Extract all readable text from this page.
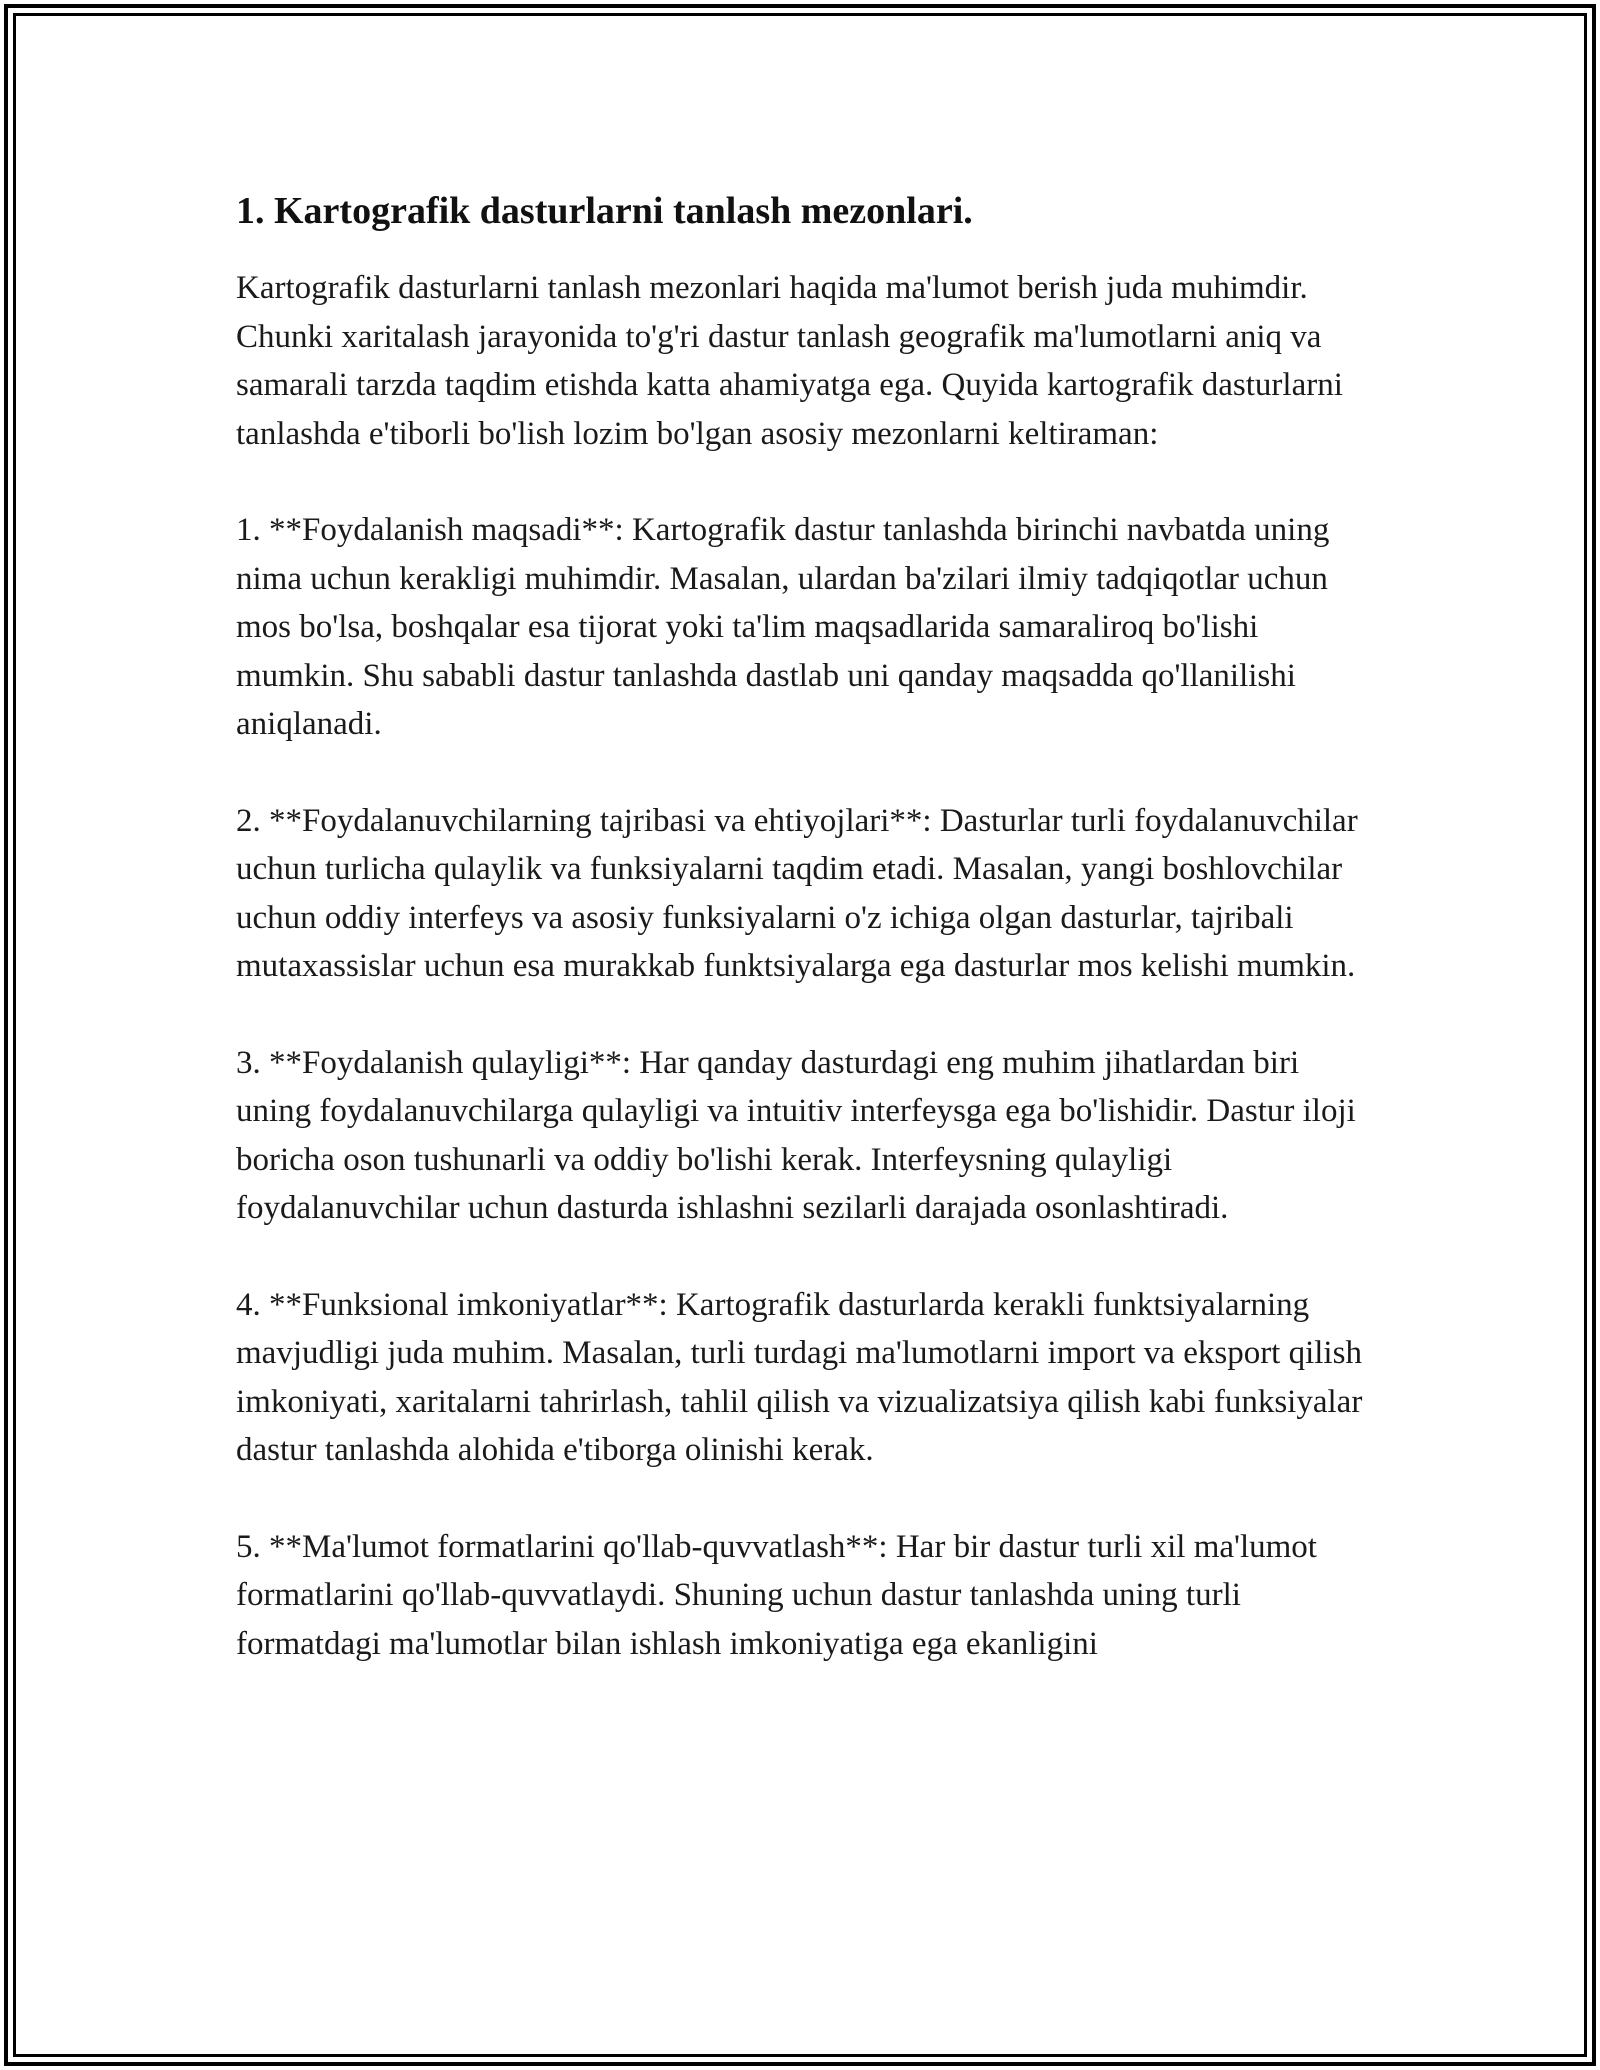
1. Kartografik dasturlarni tanlash mezonlari.

Kartografik dasturlarni tanlash mezonlari haqida ma'lumot berish juda muhimdir. Chunki xaritalash jarayonida to'g'ri dastur tanlash geografik ma'lumotlarni aniq va samarali tarzda taqdim etishda katta ahamiyatga ega. Quyida kartografik dasturlarni tanlashda e'tiborli bo'lish lozim bo'lgan asosiy mezonlarni keltiraman:

1. **Foydalanish maqsadi**: Kartografik dastur tanlashda birinchi navbatda uning nima uchun kerakligi muhimdir. Masalan, ulardan ba'zilari ilmiy tadqiqotlar uchun mos bo'lsa, boshqalar esa tijorat yoki ta'lim maqsadlarida samaraliroq bo'lishi mumkin. Shu sababli dastur tanlashda dastlab uni qanday maqsadda qo'llanilishi aniqlanadi.

2. **Foydalanuvchilarning tajribasi va ehtiyojlari**: Dasturlar turli foydalanuvchilar uchun turlicha qulaylik va funksiyalarni taqdim etadi. Masalan, yangi boshlovchilar uchun oddiy interfeys va asosiy funksiyalarni o'z ichiga olgan dasturlar, tajribali mutaxassislar uchun esa murakkab funktsiyalarga ega dasturlar mos kelishi mumkin.

3. **Foydalanish qulayligi**: Har qanday dasturdagi eng muhim jihatlardan biri uning foydalanuvchilarga qulayligi va intuitiv interfeysga ega bo'lishidir. Dastur iloji boricha oson tushunarli va oddiy bo'lishi kerak. Interfeysning qulayligi foydalanuvchilar uchun dasturda ishlashni sezilarli darajada osonlashtiradi.

4. **Funksional imkoniyatlar**: Kartografik dasturlarda kerakli funktsiyalarning mavjudligi juda muhim. Masalan, turli turdagi ma'lumotlarni import va eksport qilish imkoniyati, xaritalarni tahrirlash, tahlil qilish va vizualizatsiya qilish kabi funksiyalar dastur tanlashda alohida e'tiborga olinishi kerak.

5. **Ma'lumot formatlarini qo'llab-quvvatlash**: Har bir dastur turli xil ma'lumot formatlarini qo'llab-quvvatlaydi. Shuning uchun dastur tanlashda uning turli formatdagi ma'lumotlar bilan ishlash imkoniyatiga ega ekanligini
